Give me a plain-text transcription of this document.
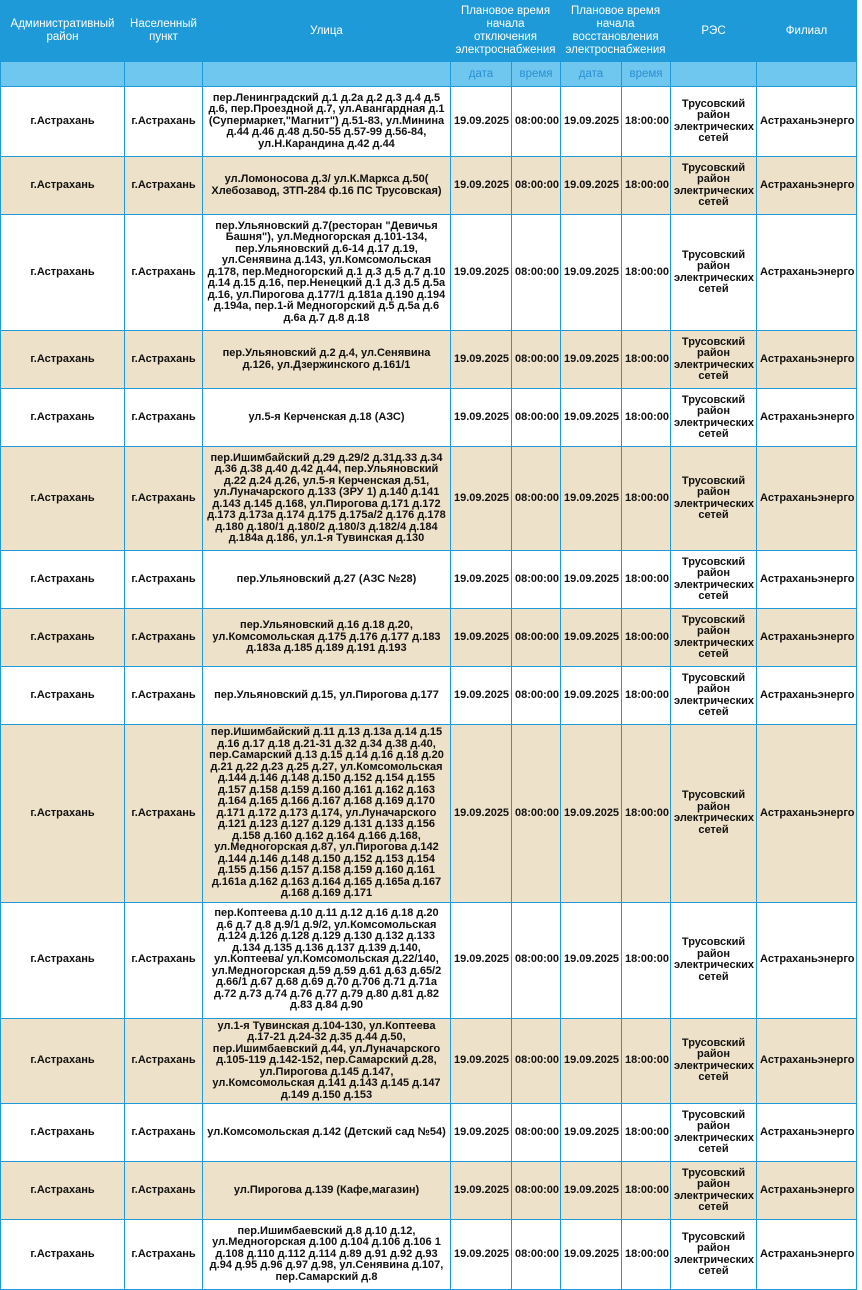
Административный район	Населенный пункт	Улица	Плановое время начала отключения электроснабжения		Плановое время начала восстановления электроснабжения		РЭС	Филиал
			дата	время	дата	время		
г.Астрахань	г.Астрахань	пер.Ленинградский д.1 д.2а д.2 д.3 д.4 д.5 д.6, пер.Проездной д.7, ул.Авангардная д.1 (Супермаркет,"Магнит") д.51-83, ул.Минина д.44 д.46 д.48 д.50-55 д.57-99 д.56-84, ул.Н.Карандина д.42 д.44	19.09.2025	08:00:00	19.09.2025	18:00:00	Трусовский район электрических сетей	Астраханьэнерго
г.Астрахань	г.Астрахань	ул.Ломоносова д.3/ ул.К.Маркса д.50( Хлебозавод, ЗТП-284 ф.16 ПС Трусовская)	19.09.2025	08:00:00	19.09.2025	18:00:00	Трусовский район электрических сетей	Астраханьэнерго
г.Астрахань	г.Астрахань	пер.Ульяновский д.7(ресторан "Девичья Башня"), ул.Медногорская д.101-134, пер.Ульяновский д.6-14 д.17 д.19, ул.Сенявина д.143, ул.Комсомольская д.178, пер.Медногорский д.1 д.3 д.5 д.7 д.10 д.14 д.15 д.16, пер.Ненецкий д.1 д.3 д.5 д.5а д.16, ул.Пирогова д.177/1 д.181а д.190 д.194 д.194а, пер.1-й Медногорский д.5 д.5а д.6 д.6а д.7 д.8 д.18	19.09.2025	08:00:00	19.09.2025	18:00:00	Трусовский район электрических сетей	Астраханьэнерго
г.Астрахань	г.Астрахань	пер.Ульяновский д.2 д.4, ул.Сенявина д.126, ул.Дзержинского д.161/1	19.09.2025	08:00:00	19.09.2025	18:00:00	Трусовский район электрических сетей	Астраханьэнерго
г.Астрахань	г.Астрахань	ул.5-я Керченская д.18 (АЗС)	19.09.2025	08:00:00	19.09.2025	18:00:00	Трусовский район электрических сетей	Астраханьэнерго
г.Астрахань	г.Астрахань	пер.Ишимбайский д.29 д.29/2 д.31д.33 д.34 д.36 д.38 д.40 д.42 д.44, пер.Ульяновский д.22 д.24 д.26, ул.5-я Керченская д.51, ул.Луначарского д.133 (ЗРУ 1) д.140 д.141 д.143 д.145 д.168, ул.Пирогова д.171 д.172 д.173 д.173а д.174 д.175 д.175а/2 д.176 д.178 д.180 д.180/1 д.180/2 д.180/3 д.182/4 д.184 д.184а д.186, ул.1-я Тувинская д.130	19.09.2025	08:00:00	19.09.2025	18:00:00	Трусовский район электрических сетей	Астраханьэнерго
г.Астрахань	г.Астрахань	пер.Ульяновский д.27 (АЗС №28)	19.09.2025	08:00:00	19.09.2025	18:00:00	Трусовский район электрических сетей	Астраханьэнерго
г.Астрахань	г.Астрахань	пер.Ульяновский д.16 д.18 д.20, ул.Комсомольская д.175 д.176 д.177 д.183 д.183а д.185 д.189 д.191 д.193	19.09.2025	08:00:00	19.09.2025	18:00:00	Трусовский район электрических сетей	Астраханьэнерго
г.Астрахань	г.Астрахань	пер.Ульяновский д.15, ул.Пирогова д.177	19.09.2025	08:00:00	19.09.2025	18:00:00	Трусовский район электрических сетей	Астраханьэнерго
г.Астрахань	г.Астрахань	пер.Ишимбайский д.11 д.13 д.13а д.14 д.15 д.16 д.17 д.18 д.21-31 д.32 д.34 д.38 д.40, пер.Самарский д.13 д.15 д.14 д.16 д.18 д.20 д.21 д.22 д.23 д.25 д.27, ул.Комсомольская д.144 д.146 д.148 д.150 д.152 д.154 д.155 д.157 д.158 д.159 д.160 д.161 д.162 д.163 д.164 д.165 д.166 д.167 д.168 д.169 д.170 д.171 д.172 д.173 д.174, ул.Луначарского д.121 д.123 д.127 д.129 д.131 д.133 д.156 д.158 д.160 д.162 д.164 д.166 д.168, ул.Медногорская д.87, ул.Пирогова д.142 д.144 д.146 д.148 д.150 д.152 д.153 д.154 д.155 д.156 д.157 д.158 д.159 д.160 д.161 д.161а д.162 д.163 д.164 д.165 д.165а д.167 д.168 д.169 д.171	19.09.2025	08:00:00	19.09.2025	18:00:00	Трусовский район электрических сетей	Астраханьэнерго
г.Астрахань	г.Астрахань	пер.Коптеева д.10 д.11 д.12 д.16 д.18 д.20 д.6 д.7 д.8 д.9/1 д.9/2, ул.Комсомольская д.124 д.126 д.128 д.129 д.130 д.132 д.133 д.134 д.135 д.136 д.137 д.139 д.140, ул.Коптеева/ ул.Комсомольская д.22/140, ул.Медногорская д.59 д.59 д.61 д.63 д.65/2 д.66/1 д.67 д.68 д.69 д.70 д.706 д.71 д.71а д.72 д.73 д.74 д.76 д.77 д.79 д.80 д.81 д.82 д.83 д.84 д.90	19.09.2025	08:00:00	19.09.2025	18:00:00	Трусовский район электрических сетей	Астраханьэнерго
г.Астрахань	г.Астрахань	ул.1-я Тувинская д.104-130, ул.Коптеева д.17-21 д.24-32 д.35 д.44 д.50, пер.Ишимбаевский д.44, ул.Луначарского д.105-119 д.142-152, пер.Самарский д.28, ул.Пирогова д.145 д.147, ул.Комсомольская д.141 д.143 д.145 д.147 д.149 д.150 д.153	19.09.2025	08:00:00	19.09.2025	18:00:00	Трусовский район электрических сетей	Астраханьэнерго
г.Астрахань	г.Астрахань	ул.Комсомольская д.142 (Детский сад №54)	19.09.2025	08:00:00	19.09.2025	18:00:00	Трусовский район электрических сетей	Астраханьэнерго
г.Астрахань	г.Астрахань	ул.Пирогова д.139 (Кафе,магазин)	19.09.2025	08:00:00	19.09.2025	18:00:00	Трусовский район электрических сетей	Астраханьэнерго
г.Астрахань	г.Астрахань	пер.Ишимбаевский д.8 д.10 д.12, ул.Медногорская д.100 д.104 д.106 д.106 1 д.108 д.110 д.112 д.114 д.89 д.91 д.92 д.93 д.94 д.95 д.96 д.97 д.98, ул.Сенявина д.107, пер.Самарский д.8	19.09.2025	08:00:00	19.09.2025	18:00:00	Трусовский район электрических сетей	Астраханьэнерго
